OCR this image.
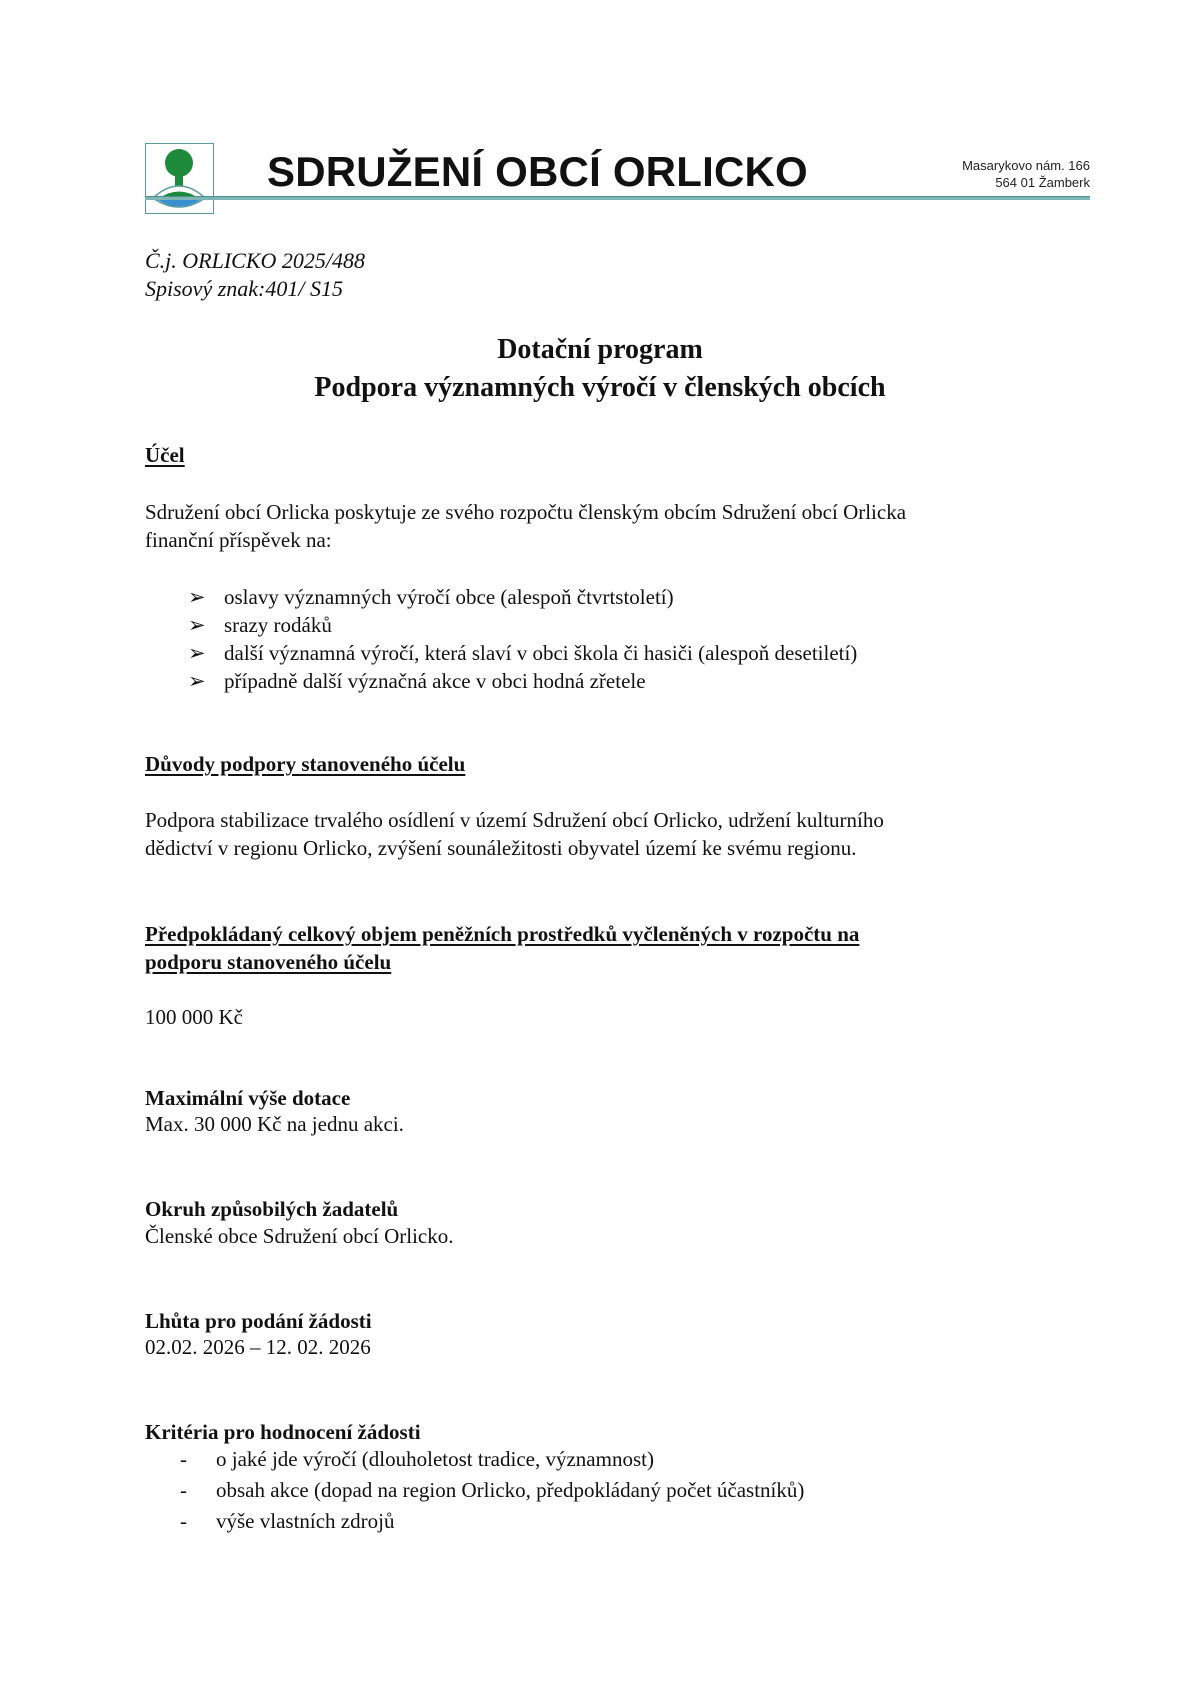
SDRUŽENÍ OBCÍ ORLICKO	Masarykovo nám. 166
564 01 Žamberk
Č.j. ORLICKO 2025/488
Spisový znak:401/ S15
Dotační program
Podpora významných výročí v členských obcích
Účel
Sdružení obcí Orlicka poskytuje ze svého rozpočtu členským obcím Sdružení obcí Orlicka
finanční příspěvek na:
➢ oslavy významných výročí obce (alespoň čtvrtstoletí)
➢ srazy rodáků
➢ další významná výročí, která slaví v obci škola či hasiči (alespoň desetiletí)
➢ případně další význačná akce v obci hodná zřetele
Důvody podpory stanoveného účelu
Podpora stabilizace trvalého osídlení v území Sdružení obcí Orlicko, udržení kulturního
dědictví v regionu Orlicko, zvýšení sounáležitosti obyvatel území ke svému regionu.
Předpokládaný celkový objem peněžních prostředků vyčleněných v rozpočtu na
podporu stanoveného účelu
100 000 Kč
Maximální výše dotace
Max. 30 000 Kč na jednu akci.
Okruh způsobilých žadatelů
Členské obce Sdružení obcí Orlicko.
Lhůta pro podání žádosti
02.02. 2026 – 12. 02. 2026
Kritéria pro hodnocení žádosti
- o jaké jde výročí (dlouholetost tradice, významnost)
- obsah akce (dopad na region Orlicko, předpokládaný počet účastníků)
- výše vlastních zdrojů
